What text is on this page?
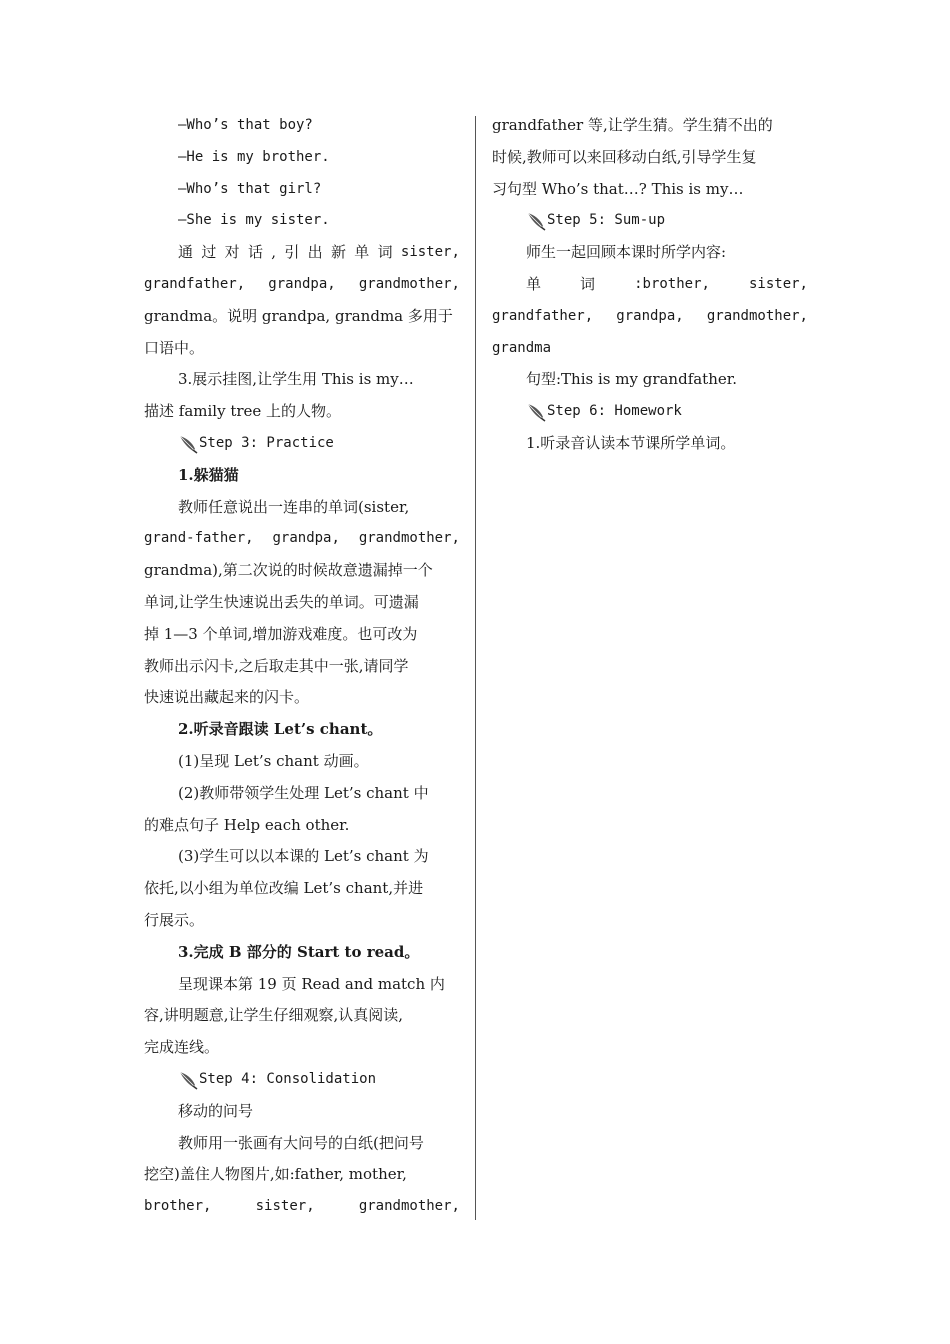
—Who’s that boy?
—He is my brother.
—Who’s that girl?
—She is my sister.
通 过 对 话 , 引 出 新 单 词 sister,
grandfather, grandpa, grandmother,
grandma。说明 grandpa, grandma 多用于
口语中。
3.展示挂图,让学生用 This is my…
描述 family tree 上的人物。
Step 3: Practice
1.躲猫猫
教师任意说出一连串的单词(sister,
grand-father, grandpa, grandmother,
grandma),第二次说的时候故意遗漏掉一个
单词,让学生快速说出丢失的单词。可遗漏
掉 1—3 个单词,增加游戏难度。也可改为
教师出示闪卡,之后取走其中一张,请同学
快速说出藏起来的闪卡。
2.听录音跟读 Let’s chant。
(1)呈现 Let’s chant 动画。
(2)教师带领学生处理 Let’s chant 中
的难点句子 Help each other.
(3)学生可以以本课的 Let’s chant 为
依托,以小组为单位改编 Let’s chant,并进
行展示。
3.完成 B 部分的 Start to read。
呈现课本第 19 页 Read and match 内
容,讲明题意,让学生仔细观察,认真阅读,
完成连线。
Step 4: Consolidation
移动的问号
教师用一张画有大问号的白纸(把问号
挖空)盖住人物图片,如:father, mother,
brother,	sister,	grandmother,
grandfather 等,让学生猜。学生猜不出的
时候,教师可以来回移动白纸,引导学生复
习句型 Who’s that…? This is my…
Step 5: Sum-up
师生一起回顾本课时所学内容:
单	词	:brother,	sister,
grandfather, grandpa, grandmother,
grandma
句型:This is my grandfather.
Step 6: Homework
1.听录音认读本节课所学单词。
